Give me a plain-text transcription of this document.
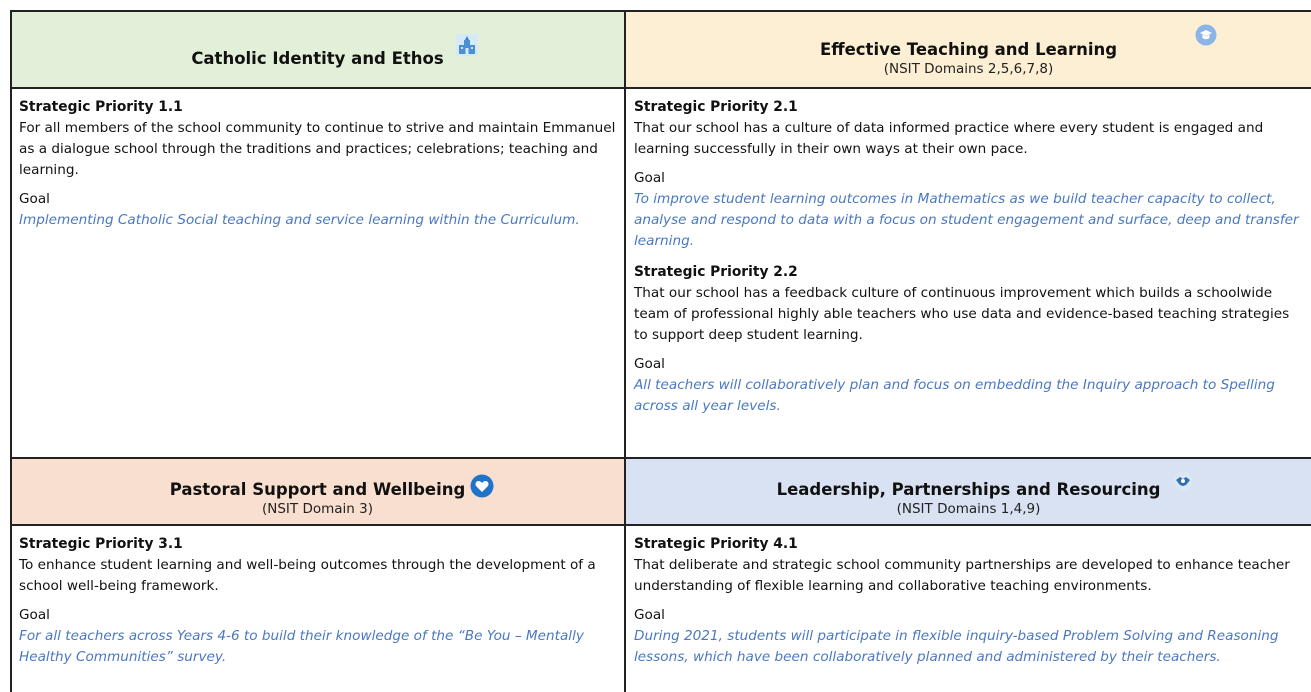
Catholic Identity and Ethos	Effective Teaching and Learning
(NSIT Domains 2,5,6,7,8)
Pastoral Support and Wellbeing
(NSIT Domain 3)
Leadership, Partnerships and Resourcing
(NSIT Domains 1,4,9)
Strategic Priority 1.1
For all members of the school community to continue to strive and maintain Emmanuel as a dialogue school through the traditions and practices; celebrations; teaching and learning.
Goal
Implementing Catholic Social teaching and service learning within the Curriculum.
Strategic Priority 2.1
That our school has a culture of data informed practice where every student is engaged and learning successfully in their own ways at their own pace.
Goal
To improve student learning outcomes in Mathematics as we build teacher capacity to collect, analyse and respond to data with a focus on student engagement and surface, deep and transfer learning.
Strategic Priority 2.2
That our school has a feedback culture of continuous improvement which builds a schoolwide team of professional highly able teachers who use data and evidence-based teaching strategies to support deep student learning.
Goal
All teachers will collaboratively plan and focus on embedding the Inquiry approach to Spelling across all year levels.
Strategic Priority 3.1
To enhance student learning and well-being outcomes through the development of a school well-being framework.
Goal
For all teachers across Years 4-6 to build their knowledge of the “Be You – Mentally Healthy Communities” survey.
Strategic Priority 4.1
That deliberate and strategic school community partnerships are developed to enhance teacher understanding of flexible learning and collaborative teaching environments.
Goal
During 2021, students will participate in flexible inquiry-based Problem Solving and Reasoning lessons, which have been collaboratively planned and administered by their teachers.
